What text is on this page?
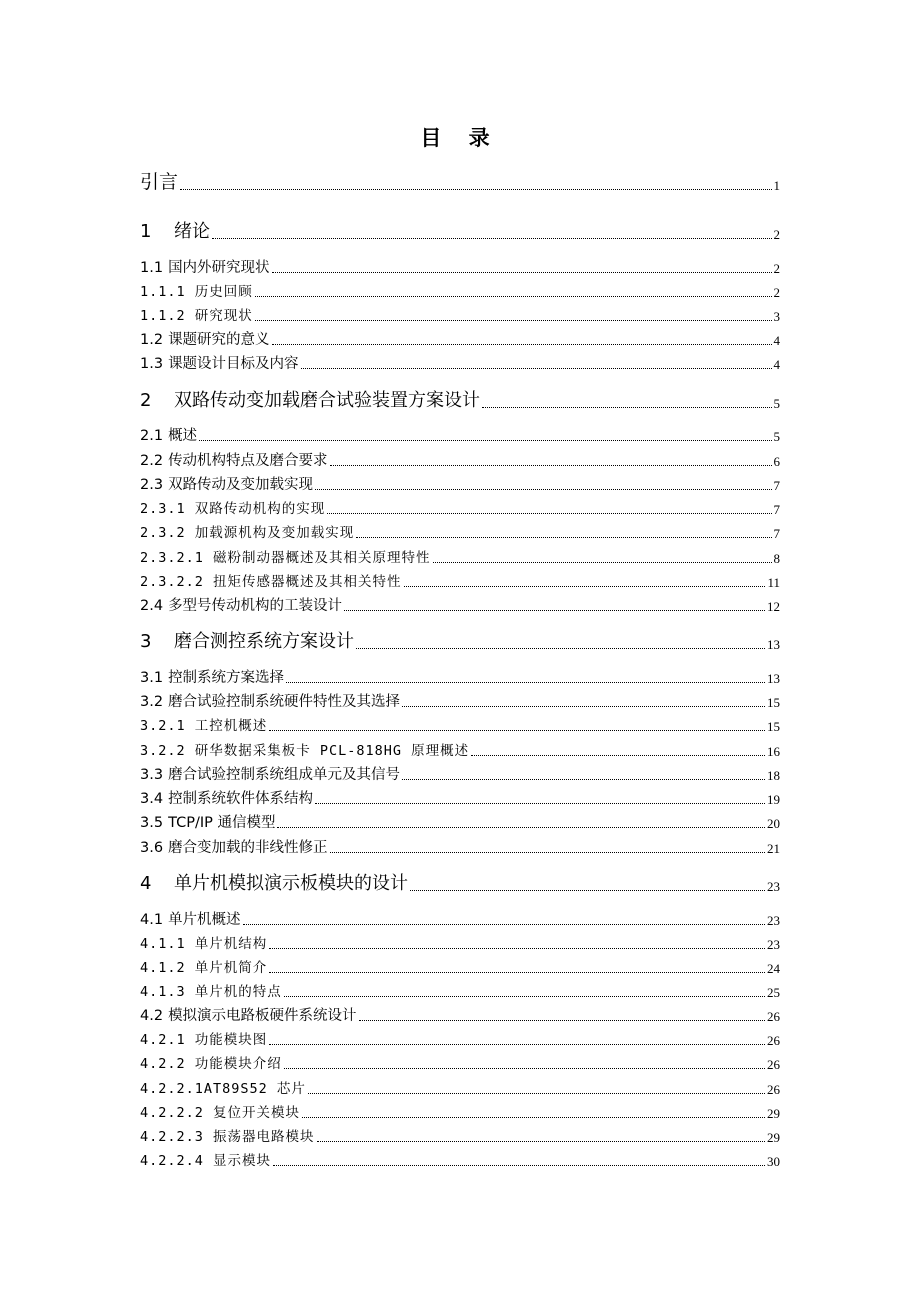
目 录
引言	1
1 绪论	2
1.1 国内外研究现状	2
1.1.1 历史回顾	2
1.1.2 研究现状	3
1.2 课题研究的意义	4
1.3 课题设计目标及内容	4
2 双路传动变加载磨合试验装置方案设计	5
2.1 概述	5
2.2 传动机构特点及磨合要求	6
2.3 双路传动及变加载实现	7
2.3.1 双路传动机构的实现	7
2.3.2 加载源机构及变加载实现	7
2.3.2.1 磁粉制动器概述及其相关原理特性	8
2.3.2.2 扭矩传感器概述及其相关特性	11
2.4 多型号传动机构的工装设计	12
3 磨合测控系统方案设计	13
3.1 控制系统方案选择	13
3.2 磨合试验控制系统硬件特性及其选择	15
3.2.1 工控机概述	15
3.2.2 研华数据采集板卡 PCL-818HG 原理概述	16
3.3 磨合试验控制系统组成单元及其信号	18
3.4 控制系统软件体系结构	19
3.5 TCP/IP 通信模型	20
3.6 磨合变加载的非线性修正	21
4 单片机模拟演示板模块的设计	23
4.1 单片机概述	23
4.1.1 单片机结构	23
4.1.2 单片机简介	24
4.1.3 单片机的特点	25
4.2 模拟演示电路板硬件系统设计	26
4.2.1 功能模块图	26
4.2.2 功能模块介绍	26
4.2.2.1AT89S52 芯片	26
4.2.2.2 复位开关模块	29
4.2.2.3 振荡器电路模块	29
4.2.2.4 显示模块	30
